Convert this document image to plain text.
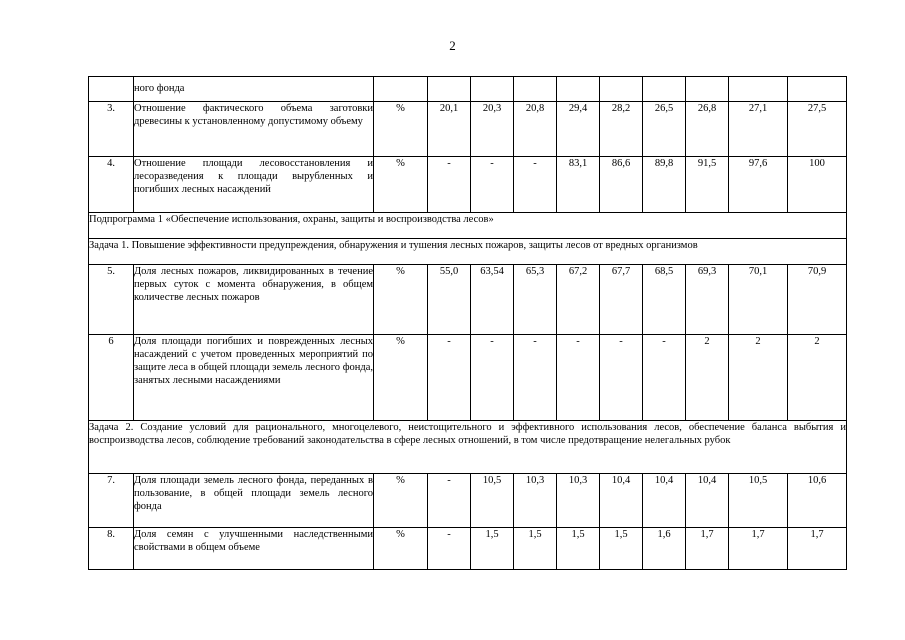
2
	ного фонда										
3.	Отношение фактического объема заготовки древесины к установленному допустимому объему	%	20,1	20,3	20,8	29,4	28,2	26,5	26,8	27,1	27,5
4.	Отношение площади лесовосстановления и лесоразведения к площади вырубленных и погибших лесных насаждений	%	-	-	-	83,1	86,6	89,8	91,5	97,6	100
Подпрограмма 1 «Обеспечение использования, охраны, защиты и воспроизводства лесов»											
Задача 1. Повышение эффективности предупреждения, обнаружения и тушения лесных пожаров, защиты лесов от вредных организмов											
5.	Доля лесных пожаров, ликвидированных в течение первых суток с момента обнаружения, в общем количестве лесных пожаров	%	55,0	63,54	65,3	67,2	67,7	68,5	69,3	70,1	70,9
6	Доля площади погибших и поврежденных лесных насаждений с учетом проведенных мероприятий по защите леса в общей площади земель лесного фонда, занятых лесными насаждениями	%	-	-	-	-	-	-	2	2	2
Задача 2. Создание условий для рационального, многоцелевого, неистощительного и эффективного использования лесов, обеспечение баланса выбытия и воспроизводства лесов, соблюдение требований законодательства в сфере лесных отношений, в том числе предотвращение нелегальных рубок											
7.	Доля площади земель лесного фонда, переданных в пользование, в общей площади земель лесного фонда	%	-	10,5	10,3	10,3	10,4	10,4	10,4	10,5	10,6
8.	Доля семян с улучшенными наследственными свойствами в общем объеме	%	-	1,5	1,5	1,5	1,5	1,6	1,7	1,7	1,7
